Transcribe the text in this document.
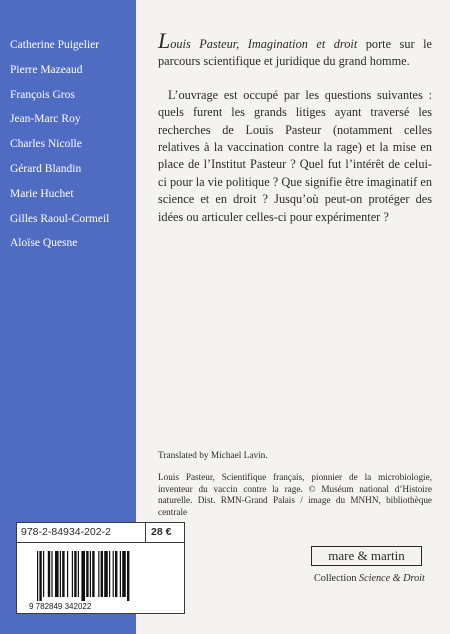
Catherine Puigelier
Pierre Mazeaud
François Gros
Jean-Marc Roy
Charles Nicolle
Gérard Blandin
Marie Huchet
Gilles Raoul-Cormeil
Aloïse Quesne

Louis Pasteur, Imagination et droit porte sur le parcours scientifique et juridique du grand homme.

L’ouvrage est occupé par les questions suivantes : quels furent les grands litiges ayant traversé les recherches de Louis Pasteur (notamment celles relatives à la vaccination contre la rage) et la mise en place de l’Institut Pasteur ? Quel fut l’intérêt de celui-ci pour la vie politique ? Que signifie être imaginatif en science et en droit ? Jusqu’où peut-on protéger des idées ou articuler celles-ci pour expérimenter ?

Translated by Michael Lavin.

Louis Pasteur, Scientifique français, pionnier de la microbiologie, inventeur du vaccin contre la rage. © Muséum national d’Histoire naturelle. Dist. RMN-Grand Palais / image du MNHN, bibliothèque centrale

978-2-84934-202-2	28 €
9 782849 342022
mare & martin

Collection Science & Droit
